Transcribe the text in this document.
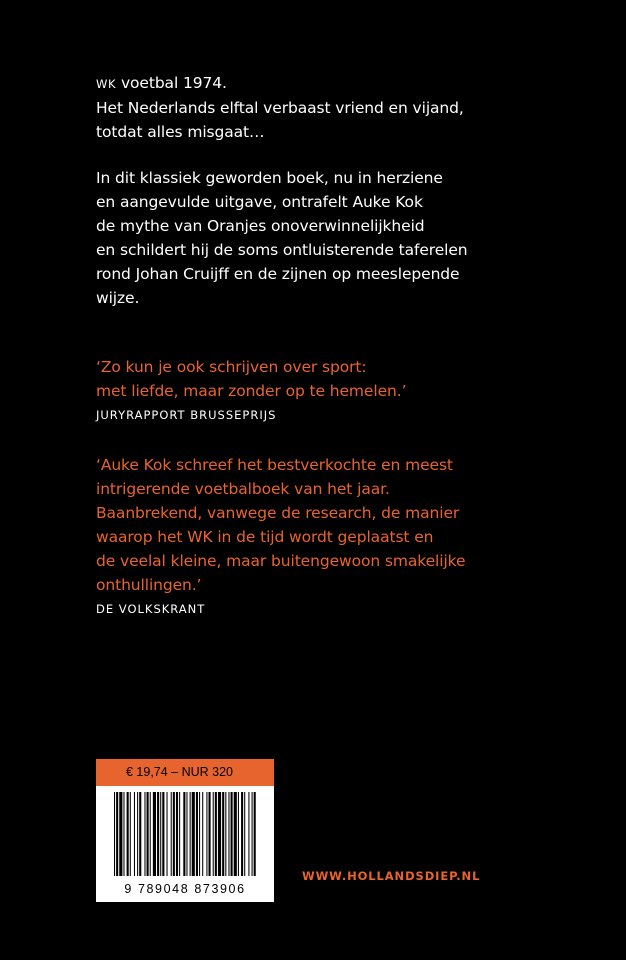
WK voetbal 1974.
Het Nederlands elftal verbaast vriend en vijand,
totdat alles misgaat…

In dit klassiek geworden boek, nu in herziene
en aangevulde uitgave, ontrafelt Auke Kok
de mythe van Oranjes onoverwinnelijkheid
en schildert hij de soms ontluisterende taferelen
rond Johan Cruijff en de zijnen op meeslepende
wijze.

‘Zo kun je ook schrijven over sport:
met liefde, maar zonder op te hemelen.’

JURYRAPPORT BRUSSEPRIJS

‘Auke Kok schreef het bestverkochte en meest
intrigerende voetbalboek van het jaar.
Baanbrekend, vanwege de research, de manier
waarop het WK in de tijd wordt geplaatst en
de veelal kleine, maar buitengewoon smakelijke
onthullingen.’

DE VOLKSKRANT
€ 19,74 – NUR 320
9 789048 873906
WWW.HOLLANDSDIEP.NL
